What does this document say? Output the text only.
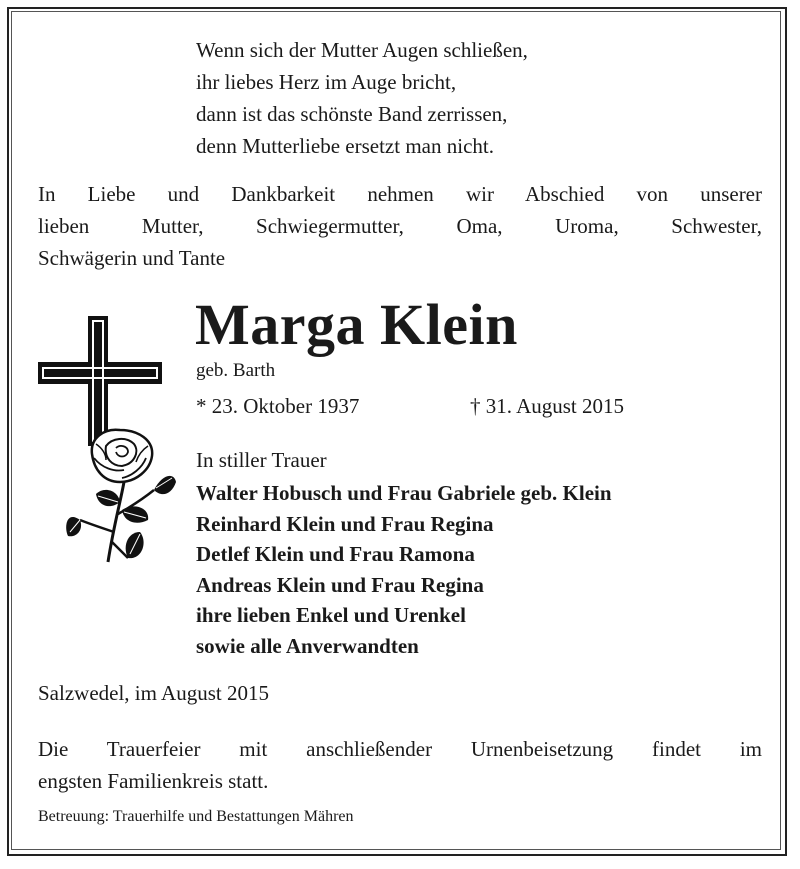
Wenn sich der Mutter Augen schließen,
ihr liebes Herz im Auge bricht,
dann ist das schönste Band zerrissen,
denn Mutterliebe ersetzt man nicht.
In Liebe und Dankbarkeit nehmen wir Abschied von unserer
lieben Mutter, Schwiegermutter, Oma, Uroma, Schwester,
Schwägerin und Tante
Marga Klein
geb. Barth
* 23. Oktober 1937	† 31. August 2015
In stiller Trauer
Walter Hobusch und Frau Gabriele geb. Klein
Reinhard Klein und Frau Regina
Detlef Klein und Frau Ramona
Andreas Klein und Frau Regina
ihre lieben Enkel und Urenkel
sowie alle Anverwandten
Salzwedel, im August 2015
Die Trauerfeier mit anschließender Urnenbeisetzung findet im
engsten Familienkreis statt.
Betreuung: Trauerhilfe und Bestattungen Mähren
